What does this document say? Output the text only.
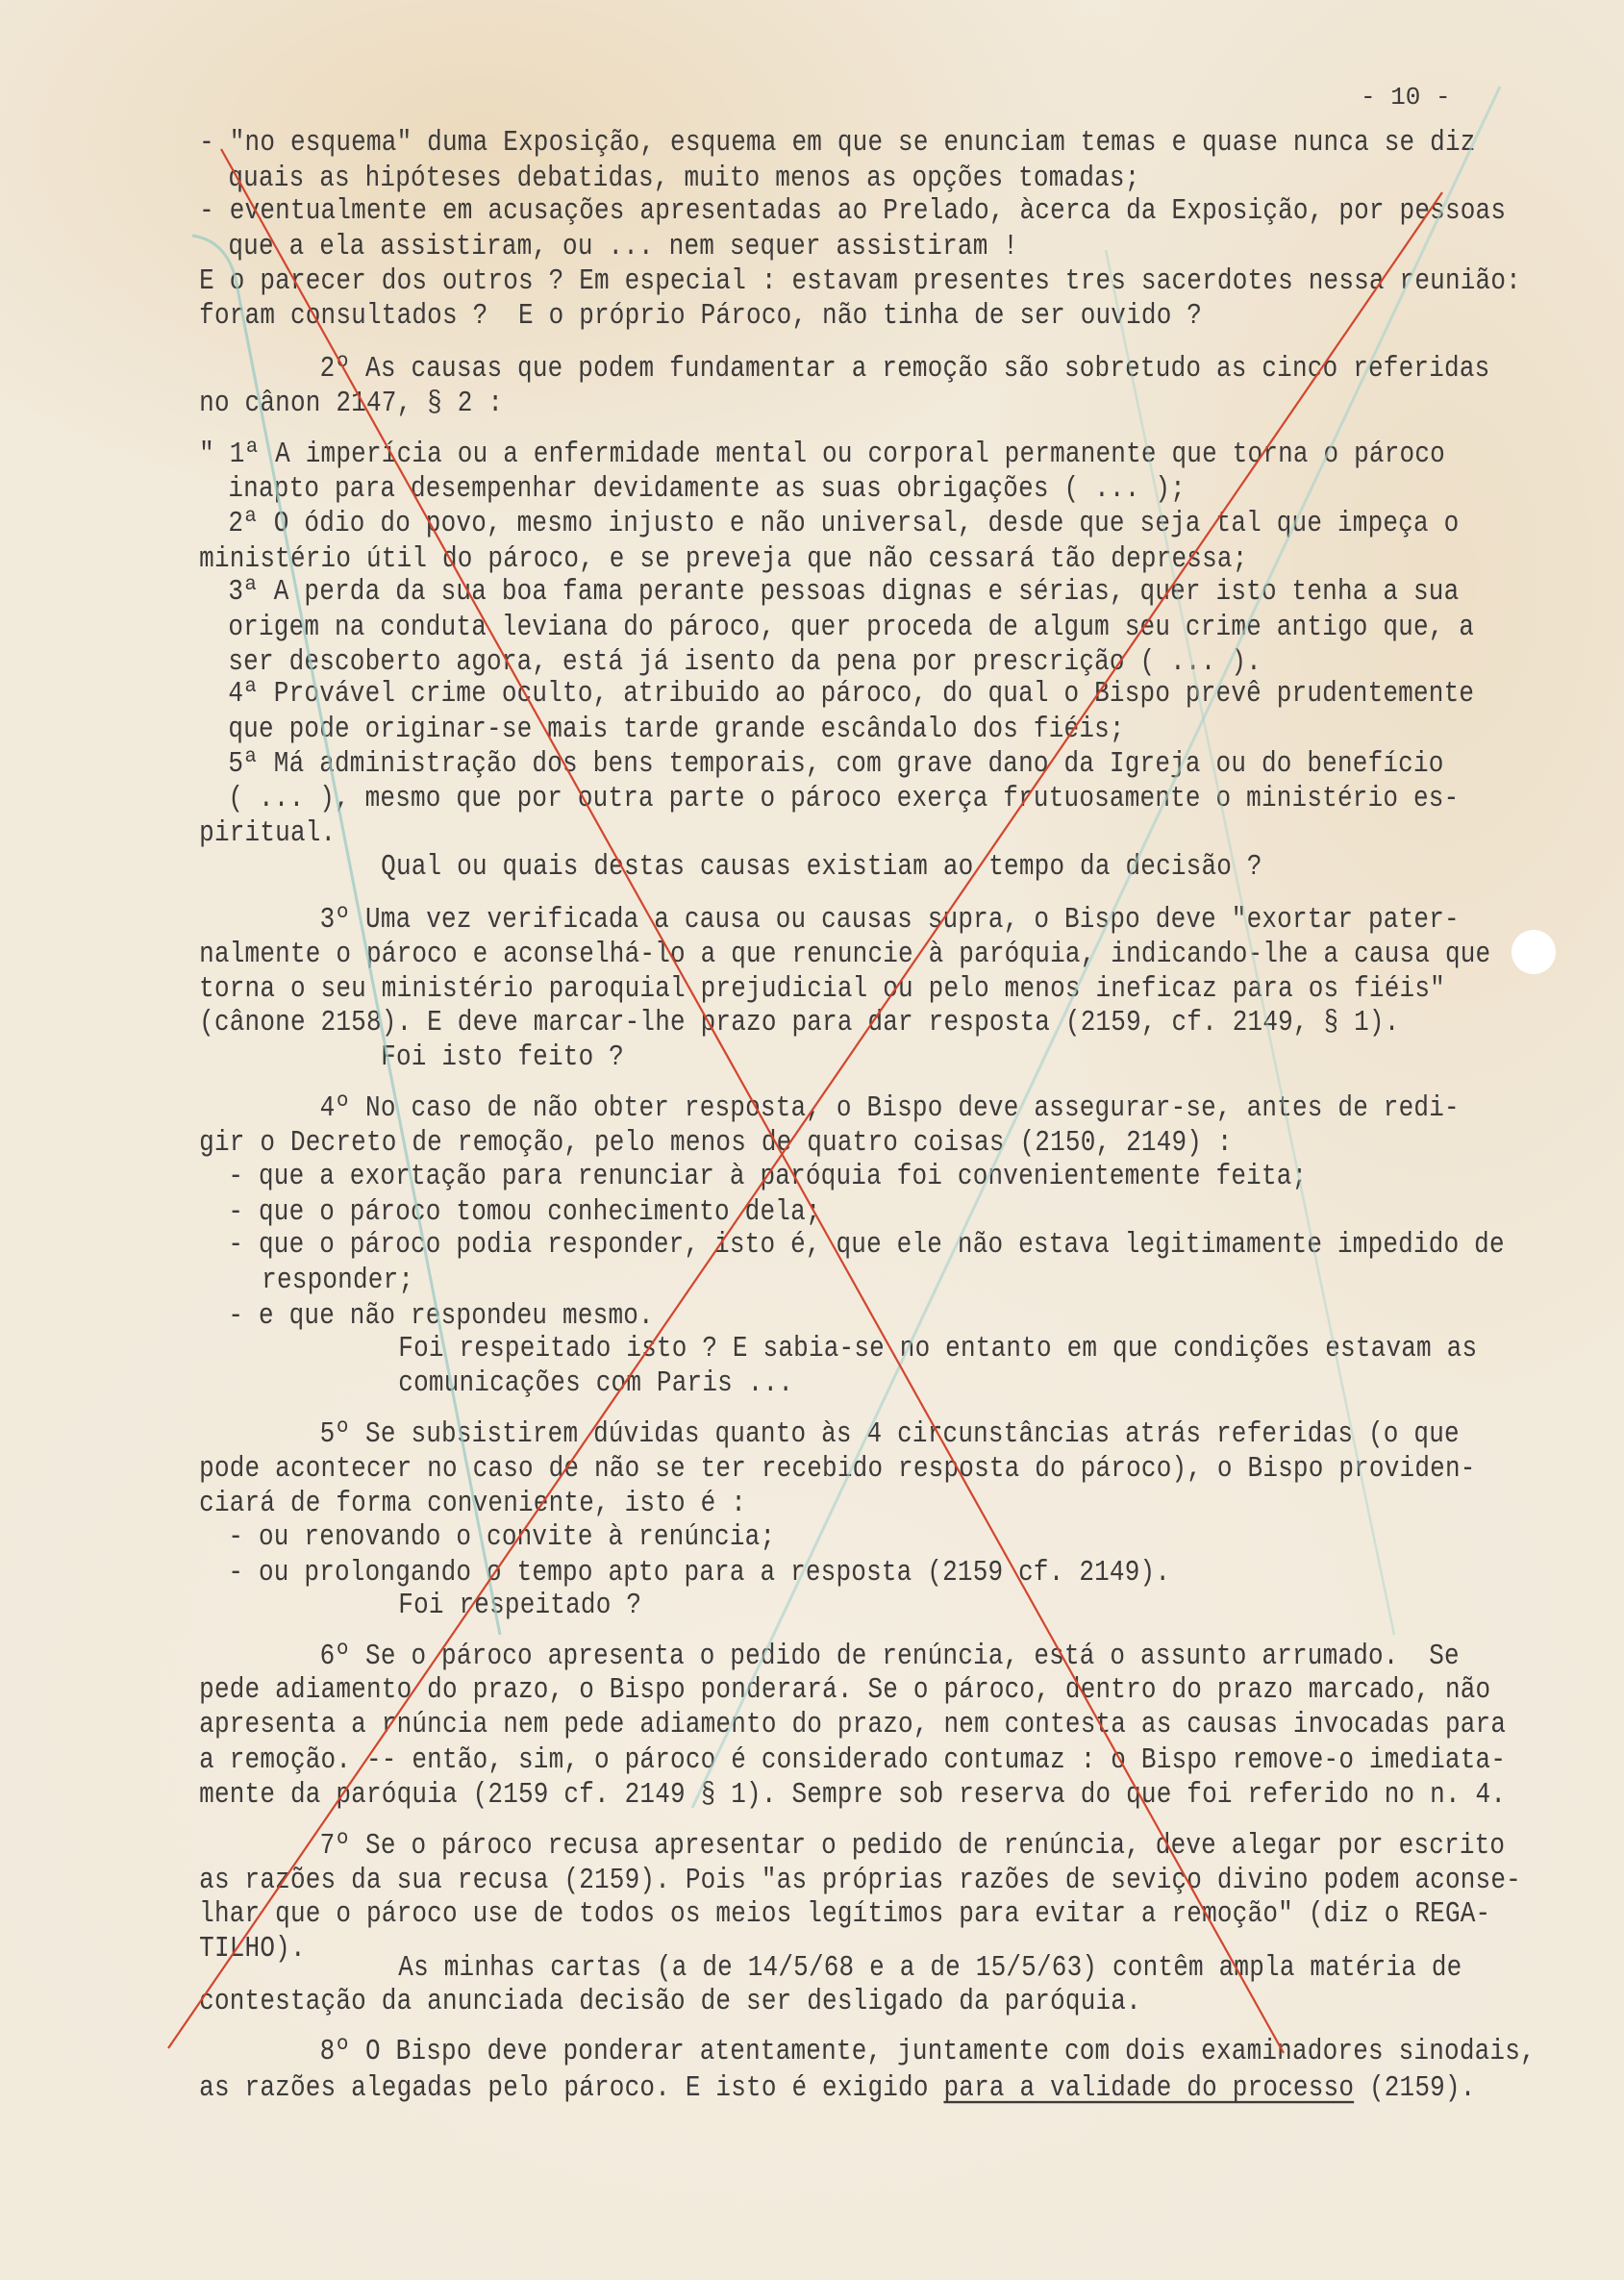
- 10 -
- "no esquema" duma Exposição, esquema em que se enunciam temas e quase nunca se diz
quais as hipóteses debatidas, muito menos as opções tomadas;
- eventualmente em acusações apresentadas ao Prelado, àcerca da Exposição, por pessoas
que a ela assistiram, ou ... nem sequer assistiram !
E o parecer dos outros ? Em especial : estavam presentes tres sacerdotes nessa reunião:
foram consultados ?  E o próprio Pároco, não tinha de ser ouvido ?
2º As causas que podem fundamentar a remoção são sobretudo as cinco referidas
no cânon 2147, § 2 :
" 1ª A imperícia ou a enfermidade mental ou corporal permanente que torna o pároco
inapto para desempenhar devidamente as suas obrigações ( ... );
2ª O ódio do povo, mesmo injusto e não universal, desde que seja tal que impeça o
ministério útil do pároco, e se preveja que não cessará tão depressa;
3ª A perda da sua boa fama perante pessoas dignas e sérias, quer isto tenha a sua
origem na conduta leviana do pároco, quer proceda de algum seu crime antigo que, a
ser descoberto agora, está já isento da pena por prescrição ( ... ).
4ª Provável crime oculto, atribuido ao pároco, do qual o Bispo prevê prudentemente
que pode originar-se mais tarde grande escândalo dos fiéis;
5ª Má administração dos bens temporais, com grave dano da Igreja ou do benefício
( ... ), mesmo que por outra parte o pároco exerça frutuosamente o ministério es-
piritual.
Qual ou quais destas causas existiam ao tempo da decisão ?
3º Uma vez verificada a causa ou causas supra, o Bispo deve "exortar pater-
nalmente o pároco e aconselhá-lo a que renuncie à paróquia, indicando-lhe a causa que
torna o seu ministério paroquial prejudicial ou pelo menos ineficaz para os fiéis"
(cânone 2158). E deve marcar-lhe prazo para dar resposta (2159, cf. 2149, § 1).
Foi isto feito ?
4º No caso de não obter resposta, o Bispo deve assegurar-se, antes de redi-
gir o Decreto de remoção, pelo menos de quatro coisas (2150, 2149) :
- que a exortação para renunciar à paróquia foi convenientemente feita;
- que o pároco tomou conhecimento dela;
- que o pároco podia responder, isto é, que ele não estava legitimamente impedido de
responder;
- e que não respondeu mesmo.
Foi respeitado isto ? E sabia-se no entanto em que condições estavam as
comunicações com Paris ...
5º Se subsistirem dúvidas quanto às 4 circunstâncias atrás referidas (o que
pode acontecer no caso de não se ter recebido resposta do pároco), o Bispo providen-
ciará de forma conveniente, isto é :
- ou renovando o convite à renúncia;
- ou prolongando o tempo apto para a resposta (2159 cf. 2149).
Foi respeitado ?
6º Se o pároco apresenta o pedido de renúncia, está o assunto arrumado.  Se
pede adiamento do prazo, o Bispo ponderará. Se o pároco, dentro do prazo marcado, não
apresenta a rnúncia nem pede adiamento do prazo, nem contesta as causas invocadas para
a remoção. -- então, sim, o pároco é considerado contumaz : o Bispo remove-o imediata-
mente da paróquia (2159 cf. 2149 § 1). Sempre sob reserva do que foi referido no n. 4.
7º Se o pároco recusa apresentar o pedido de renúncia, deve alegar por escrito
as razões da sua recusa (2159). Pois "as próprias razões de seviço divino podem aconse-
lhar que o pároco use de todos os meios legítimos para evitar a remoção" (diz o REGA-
TILHO).
As minhas cartas (a de 14/5/68 e a de 15/5/63) contêm ampla matéria de
contestação da anunciada decisão de ser desligado da paróquia.
8º O Bispo deve ponderar atentamente, juntamente com dois examinadores sinodais,
as razões alegadas pelo pároco. E isto é exigido para a validade do processo (2159).
